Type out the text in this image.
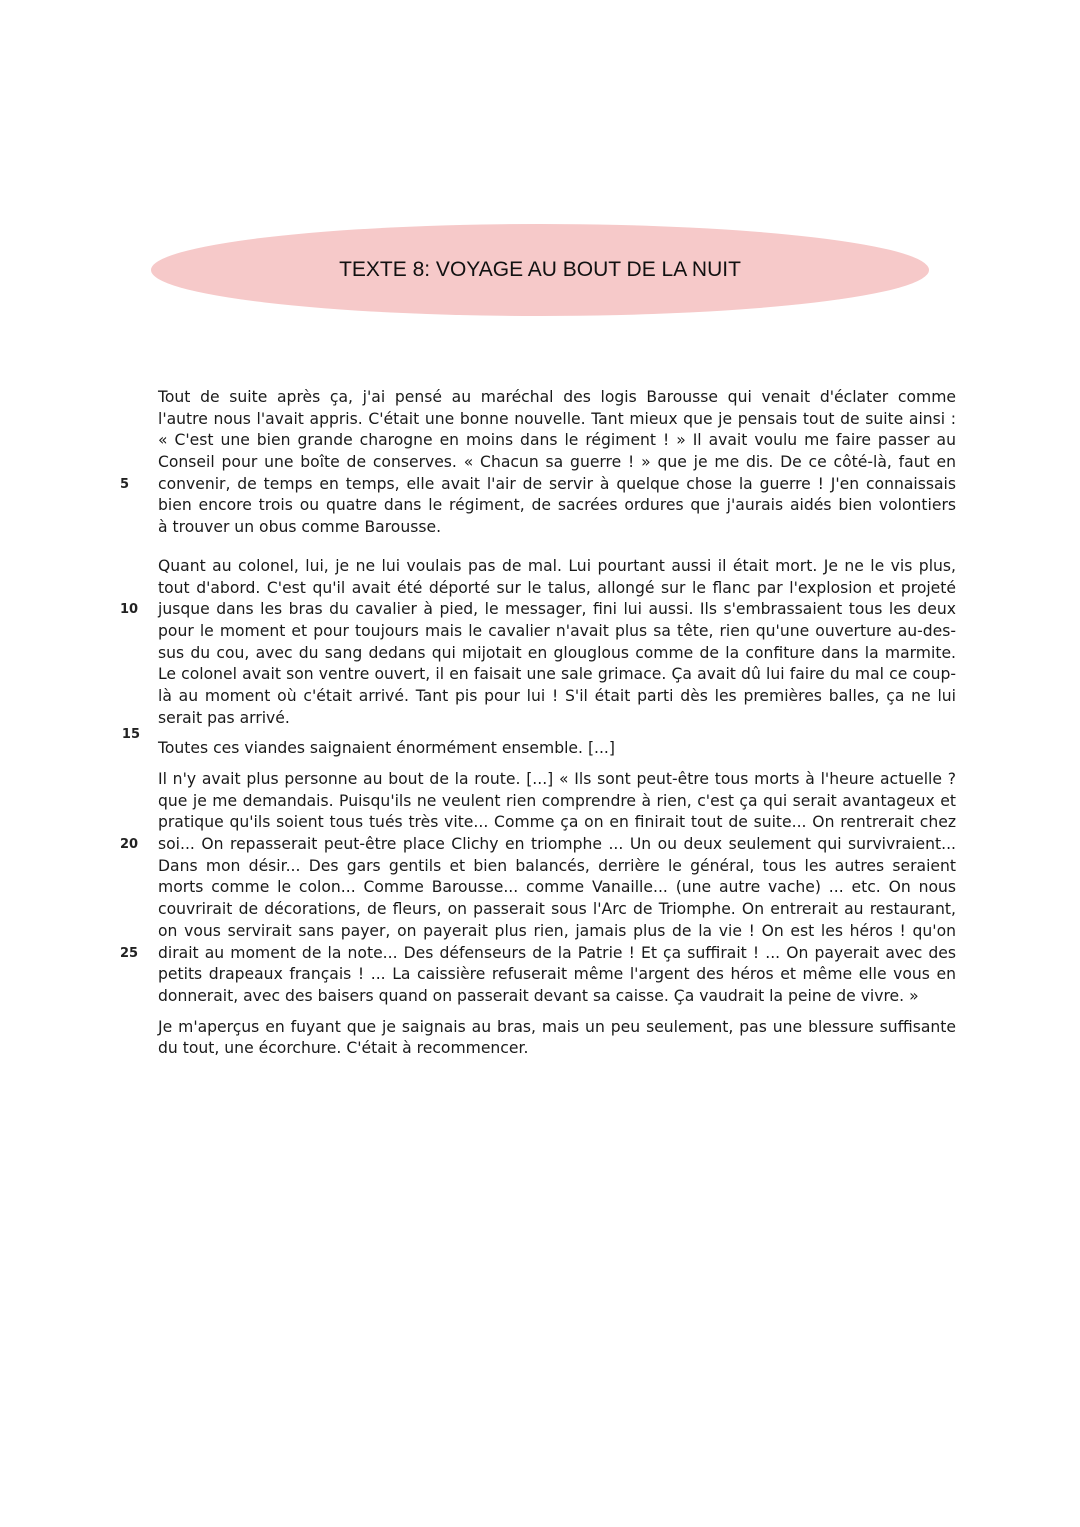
TEXTE 8: VOYAGE AU BOUT DE LA NUIT
Tout de suite après ça, j'ai pensé au maréchal des logis Barousse qui venait d'éclater comme
l'autre nous l'avait appris. C'était une bonne nouvelle. Tant mieux que je pensais tout de suite ainsi :
« C'est une bien grande charogne en moins dans le régiment ! » Il avait voulu me faire passer au
Conseil pour une boîte de conserves. « Chacun sa guerre ! » que je me dis. De ce côté-là, faut en
5	convenir, de temps en temps, elle avait l'air de servir à quelque chose la guerre ! J'en connaissais
bien encore trois ou quatre dans le régiment, de sacrées ordures que j'aurais aidés bien volontiers
à trouver un obus comme Barousse.
Quant au colonel, lui, je ne lui voulais pas de mal. Lui pourtant aussi il était mort. Je ne le vis plus,
tout d'abord. C'est qu'il avait été déporté sur le talus, allongé sur le flanc par l'explosion et projeté
10 jusque dans les bras du cavalier à pied, le messager, fini lui aussi. Ils s'embrassaient tous les deux
pour le moment et pour toujours mais le cavalier n'avait plus sa tête, rien qu'une ouverture au-des-
sus du cou, avec du sang dedans qui mijotait en glouglous comme de la confiture dans la marmite.
Le colonel avait son ventre ouvert, il en faisait une sale grimace. Ça avait dû lui faire du mal ce coup-
là au moment où c'était arrivé. Tant pis pour lui ! S'il était parti dès les premières balles, ça ne lui
serait pas arrivé.
15
Toutes ces viandes saignaient énormément ensemble. [...]
Il n'y avait plus personne au bout de la route. [...] « Ils sont peut-être tous morts à l'heure actuelle ?
que je me demandais. Puisqu'ils ne veulent rien comprendre à rien, c'est ça qui serait avantageux et
pratique qu'ils soient tous tués très vite... Comme ça on en finirait tout de suite... On rentrerait chez
20 soi... On repasserait peut-être place Clichy en triomphe ... Un ou deux seulement qui survivraient...
Dans mon désir... Des gars gentils et bien balancés, derrière le général, tous les autres seraient
morts comme le colon... Comme Barousse... comme Vanaille... (une autre vache) ... etc. On nous
couvrirait de décorations, de fleurs, on passerait sous l'Arc de Triomphe. On entrerait au restaurant,
on vous servirait sans payer, on payerait plus rien, jamais plus de la vie ! On est les héros ! qu'on
25 dirait au moment de la note... Des défenseurs de la Patrie ! Et ça suffirait ! ... On payerait avec des
petits drapeaux français ! ... La caissière refuserait même l'argent des héros et même elle vous en
donnerait, avec des baisers quand on passerait devant sa caisse. Ça vaudrait la peine de vivre. »
Je m'aperçus en fuyant que je saignais au bras, mais un peu seulement, pas une blessure suffisante
du tout, une écorchure. C'était à recommencer.
